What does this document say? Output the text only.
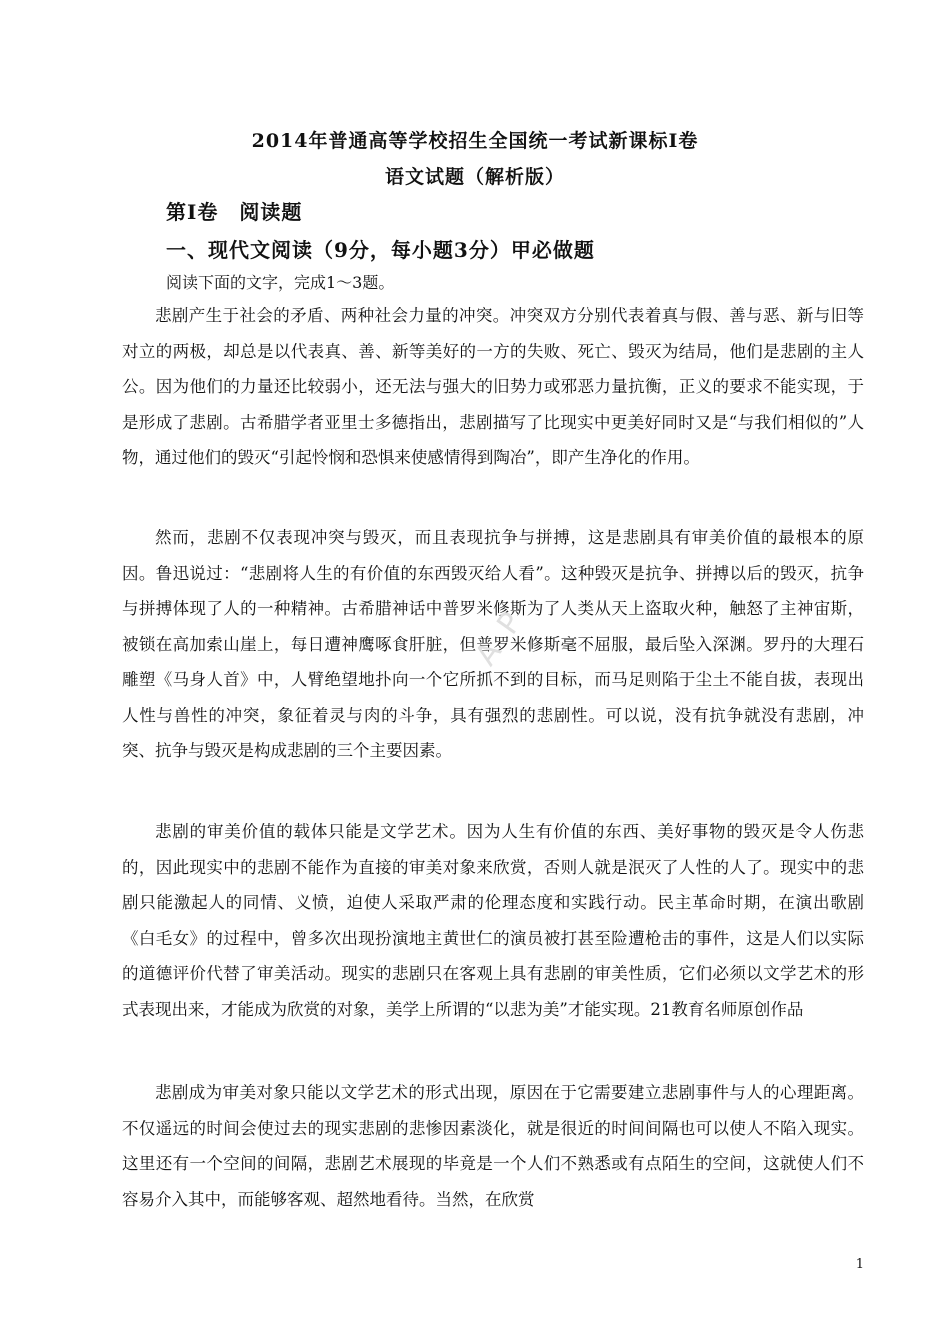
2014年普通高等学校招生全国统一考试新课标Ⅰ卷
语文试题（解析版）
第Ⅰ卷　阅读题
一、现代文阅读（9分，每小题3分）甲必做题
阅读下面的文字，完成1～3题。

悲剧产生于社会的矛盾、两种社会力量的冲突。冲突双方分别代表着真与假、善与恶、新与旧等对立的两极，却总是以代表真、善、新等美好的一方的失败、死亡、毁灭为结局，他们是悲剧的主人公。因为他们的力量还比较弱小，还无法与强大的旧势力或邪恶力量抗衡，正义的要求不能实现，于是形成了悲剧。古希腊学者亚里士多德指出，悲剧描写了比现实中更美好同时又是“与我们相似的”人物，通过他们的毁灭“引起怜悯和恐惧来使感情得到陶冶”，即产生净化的作用。

然而，悲剧不仅表现冲突与毁灭，而且表现抗争与拼搏，这是悲剧具有审美价值的最根本的原因。鲁迅说过：“悲剧将人生的有价值的东西毁灭给人看”。这种毁灭是抗争、拼搏以后的毁灭，抗争与拼搏体现了人的一种精神。古希腊神话中普罗米修斯为了人类从天上盗取火种，触怒了主神宙斯，被锁在高加索山崖上，每日遭神鹰啄食肝脏，但普罗米修斯毫不屈服，最后坠入深渊。罗丹的大理石雕塑《马身人首》中，人臂绝望地扑向一个它所抓不到的目标，而马足则陷于尘土不能自拔，表现出人性与兽性的冲突，象征着灵与肉的斗争，具有强烈的悲剧性。可以说，没有抗争就没有悲剧，冲突、抗争与毁灭是构成悲剧的三个主要因素。

悲剧的审美价值的载体只能是文学艺术。因为人生有价值的东西、美好事物的毁灭是令人伤悲的，因此现实中的悲剧不能作为直接的审美对象来欣赏，否则人就是泯灭了人性的人了。现实中的悲剧只能激起人的同情、义愤，迫使人采取严肃的伦理态度和实践行动。民主革命时期，在演出歌剧《白毛女》的过程中，曾多次出现扮演地主黄世仁的演员被打甚至险遭枪击的事件，这是人们以实际的道德评价代替了审美活动。现实的悲剧只在客观上具有悲剧的审美性质，它们必须以文学艺术的形式表现出来，才能成为欣赏的对象，美学上所谓的“以悲为美”才能实现。21教育名师原创作品

悲剧成为审美对象只能以文学艺术的形式出现，原因在于它需要建立悲剧事件与人的心理距离。不仅遥远的时间会使过去的现实悲剧的悲惨因素淡化，就是很近的时间间隔也可以使人不陷入现实。这里还有一个空间的间隔，悲剧艺术展现的毕竟是一个人们不熟悉或有点陌生的空间，这就使人们不容易介入其中，而能够客观、超然地看待。当然，在欣赏

A P
1
